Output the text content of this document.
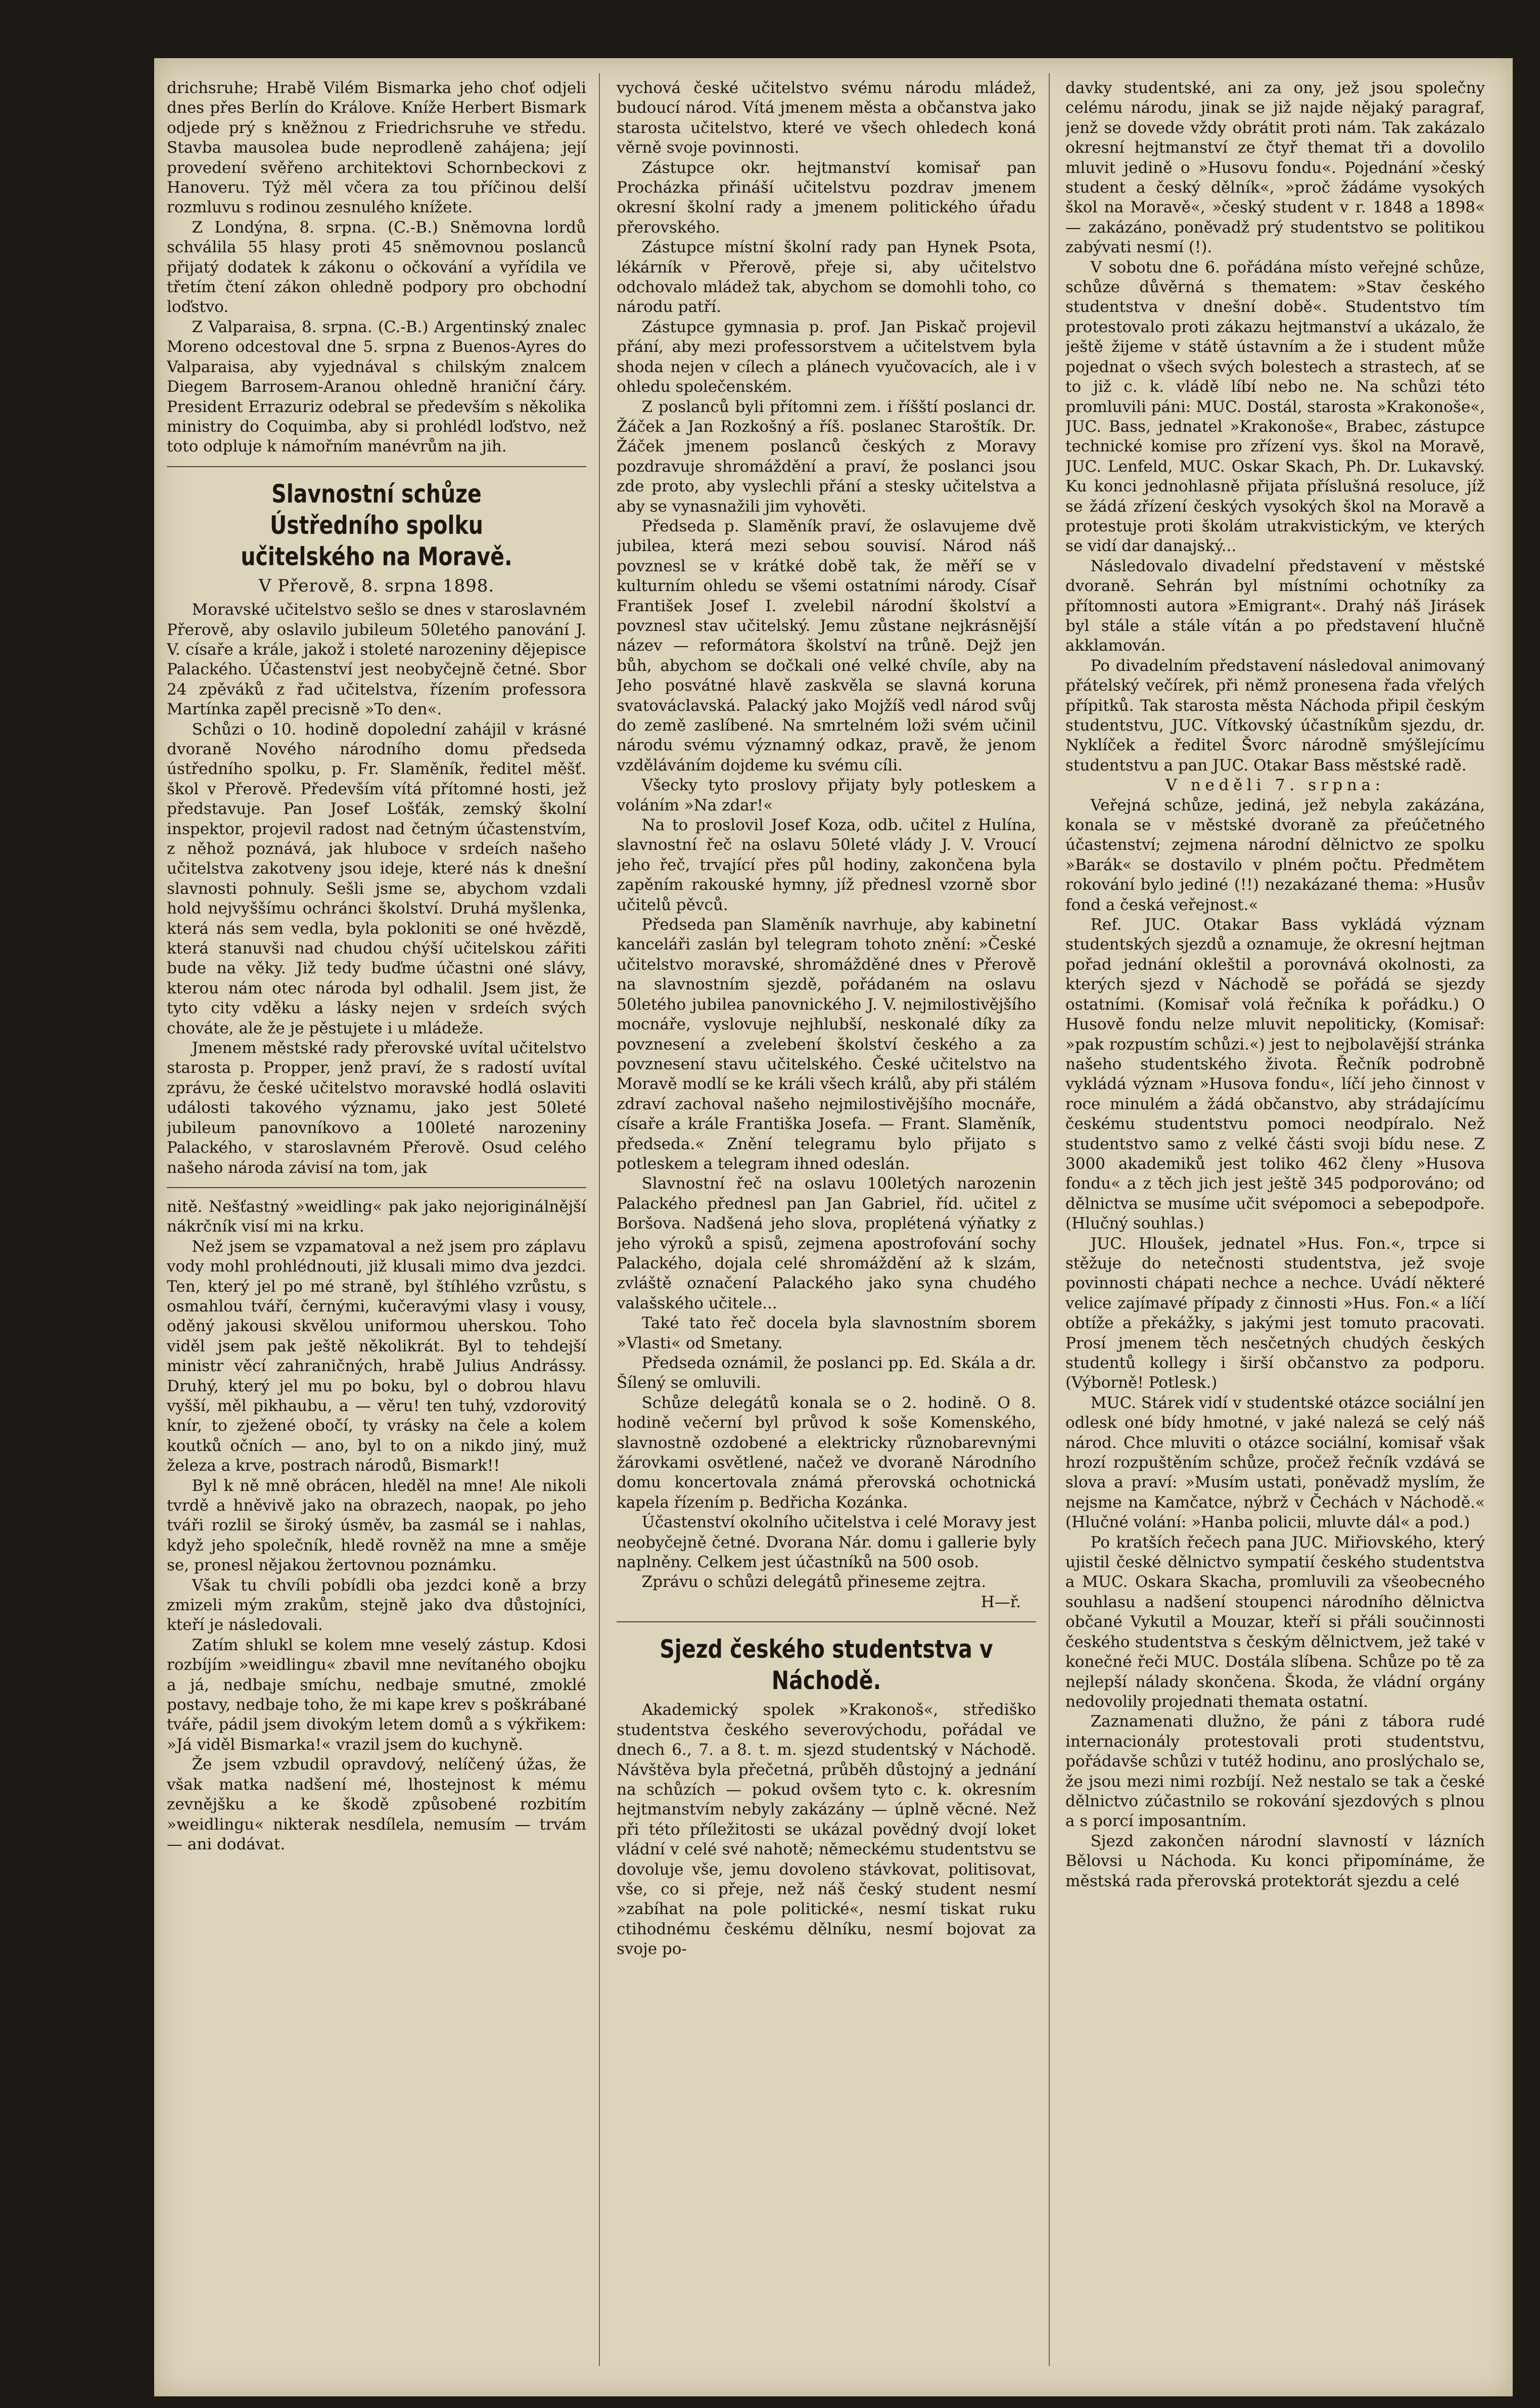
drichsruhe; Hrabě Vilém Bismarka jeho choť odjeli dnes přes Berlín do Králove. Kníže Herbert Bismark odjede prý s kněžnou z Friedrichsruhe ve středu. Stavba mausolea bude neprodleně zahájena; její provedení svěřeno architektovi Schornbeckovi z Hanoveru. Týž měl včera za tou příčinou delší rozmluvu s rodinou zesnulého knížete.

Z Londýna, 8. srpna. (C.-B.) Sněmovna lordů schválila 55 hlasy proti 45 sněmovnou poslanců přijatý dodatek k zákonu o očkování a vyřídila ve třetím čtení zákon ohledně podpory pro obchodní loďstvo.

Z Valparaisa, 8. srpna. (C.-B.) Argentinský znalec Moreno odcestoval dne 5. srpna z Buenos-Ayres do Valparaisa, aby vyjednával s chilským znalcem Diegem Barrosem-Aranou ohledně hraniční čáry. President Errazuriz odebral se především s několika ministry do Coquimba, aby si prohlédl loďstvo, než toto odpluje k námořním manévrům na jih.

Slavnostní schůze Ústředního spolku učitelského na Moravě.
V Přerově, 8. srpna 1898.

Moravské učitelstvo sešlo se dnes v staroslavném Přerově, aby oslavilo jubileum 50letého panování J. V. císaře a krále, jakož i stoleté narozeniny dějepisce Palackého. Účastenství jest neobyčejně četné. Sbor 24 zpěváků z řad učitelstva, řízením professora Martínka zapěl precisně »To den«.

Schůzi o 10. hodině dopolední zahájil v krásné dvoraně Nového národního domu předseda ústředního spolku, p. Fr. Slaměník, ředitel měšť. škol v Přerově. Především vítá přítomné hosti, jež představuje. Pan Josef Lošťák, zemský školní inspektor, projevil radost nad četným účastenstvím, z něhož poznává, jak hluboce v srdeích našeho učitelstva zakotveny jsou ideje, které nás k dnešní slavnosti pohnuly. Sešli jsme se, abychom vzdali hold nejvyššímu ochránci školství. Druhá myšlenka, která nás sem vedla, byla pokloniti se oné hvězdě, která stanuvši nad chudou chýší učitelskou zářiti bude na věky. Již tedy buďme účastni oné slávy, kterou nám otec národa byl odhalil. Jsem jist, že tyto city vděku a lásky nejen v srdeích svých chováte, ale že je pěstujete i u mládeže.

Jmenem městské rady přerovské uvítal učitelstvo starosta p. Propper, jenž praví, že s radostí uvítal zprávu, že české učitelstvo moravské hodlá oslaviti události takového významu, jako jest 50leté jubileum panovníkovo a 100leté narozeniny Palackého, v staroslavném Přerově. Osud celého našeho národa závisí na tom, jak

nitě. Nešťastný »weidling« pak jako nejoriginálnější nákrčník visí mi na krku.

Než jsem se vzpamatoval a než jsem pro záplavu vody mohl prohlédnouti, již klusali mimo dva jezdci. Ten, který jel po mé straně, byl štíhlého vzrůstu, s osmahlou tváří, černými, kučeravými vlasy i vousy, oděný jakousi skvělou uniformou uherskou. Toho viděl jsem pak ještě několikrát. Byl to tehdejší ministr věcí zahraničných, hrabě Julius Andrássy. Druhý, který jel mu po boku, byl o dobrou hlavu vyšší, měl pikhaubu, a — věru! ten tuhý, vzdorovitý knír, to zježené obočí, ty vrásky na čele a kolem koutků očních — ano, byl to on a nikdo jiný, muž železa a krve, postrach národů, Bismark!!

Byl k ně mně obrácen, hleděl na mne! Ale nikoli tvrdě a hněvivě jako na obrazech, naopak, po jeho tváři rozlil se široký úsměv, ba zasmál se i nahlas, když jeho společník, hledě rovněž na mne a směje se, pronesl nějakou žertovnou poznámku.

Však tu chvíli pobídli oba jezdci koně a brzy zmizeli mým zrakům, stejně jako dva důstojníci, kteří je následovali.

Zatím shlukl se kolem mne veselý zástup. Kdosi rozbíjím »weidlingu« zbavil mne nevítaného obojku a já, nedbaje smíchu, nedbaje smutné, zmoklé postavy, nedbaje toho, že mi kape krev s poškrábané tváře, pádil jsem divokým letem domů a s výkřikem: »Já viděl Bismarka!« vrazil jsem do kuchyně.

Že jsem vzbudil opravdový, nelíčený úžas, že však matka nadšení mé, lhostejnost k mému zevnějšku a ke škodě způsobené rozbitím »weidlingu« nikterak nesdílela, nemusím — trvám — ani dodávat.

vychová české učitelstvo svému národu mládež, budoucí národ. Vítá jmenem města a občanstva jako starosta učitelstvo, které ve všech ohledech koná věrně svoje povinnosti.

Zástupce okr. hejtmanství komisař pan Procházka přináší učitelstvu pozdrav jmenem okresní školní rady a jmenem politického úřadu přerovského.

Zástupce místní školní rady pan Hynek Psota, lékárník v Přerově, přeje si, aby učitelstvo odchovalo mládež tak, abychom se domohli toho, co národu patří.

Zástupce gymnasia p. prof. Jan Piskač projevil přání, aby mezi professorstvem a učitelstvem byla shoda nejen v cílech a plánech vyučovacích, ale i v ohledu společenském.

Z poslanců byli přítomni zem. i říšští poslanci dr. Žáček a Jan Rozkošný a říš. poslanec Staroštík. Dr. Žáček jmenem poslanců českých z Moravy pozdravuje shromáždění a praví, že poslanci jsou zde proto, aby vyslechli přání a stesky učitelstva a aby se vynasnažili jim vyhověti.

Předseda p. Slaměník praví, že oslavujeme dvě jubilea, která mezi sebou souvisí. Národ náš povznesl se v krátké době tak, že měří se v kulturním ohledu se všemi ostatními národy. Císař František Josef I. zvelebil národní školství a povznesl stav učitelský. Jemu zůstane nejkrásnější název — reformátora školství na trůně. Dejž jen bůh, abychom se dočkali oné velké chvíle, aby na Jeho posvátné hlavě zaskvěla se slavná koruna svatováclavská. Palacký jako Mojžíš vedl národ svůj do země zaslíbené. Na smrtelném loži svém učinil národu svému významný odkaz, pravě, že jenom vzděláváním dojdeme ku svému cíli.

Všecky tyto proslovy přijaty byly potleskem a voláním »Na zdar!«

Na to proslovil Josef Koza, odb. učitel z Hulína, slavnostní řeč na oslavu 50leté vlády J. V. Vroucí jeho řeč, trvající přes půl hodiny, zakončena byla zapěním rakouské hymny, jíž přednesl vzorně sbor učitelů pěvců.

Předseda pan Slaměník navrhuje, aby kabinetní kanceláři zaslán byl telegram tohoto znění: »České učitelstvo moravské, shromážděné dnes v Přerově na slavnostním sjezdě, pořádaném na oslavu 50letého jubilea panovnického J. V. nejmilostivějšího mocnáře, vyslovuje nejhlubší, neskonalé díky za povznesení a zvelebení školství českého a za povznesení stavu učitelského. České učitelstvo na Moravě modlí se ke králi všech králů, aby při stálém zdraví zachoval našeho nejmilostivějšího mocnáře, císaře a krále Františka Josefa. — Frant. Slaměník, předseda.« Znění telegramu bylo přijato s potleskem a telegram ihned odeslán.

Slavnostní řeč na oslavu 100letých narozenin Palackého přednesl pan Jan Gabriel, říd. učitel z Boršova. Nadšená jeho slova, proplétená výňatky z jeho výroků a spisů, zejmena apostrofování sochy Palackého, dojala celé shromáždění až k slzám, zvláště označení Palackého jako syna chudého valašského učitele...

Také tato řeč docela byla slavnostním sborem »Vlasti« od Smetany.

Předseda oznámil, že poslanci pp. Ed. Skála a dr. Šílený se omluvili.

Schůze delegátů konala se o 2. hodině. O 8. hodině večerní byl průvod k soše Komenského, slavnostně ozdobené a elektricky různobarevnými žárovkami osvětlené, načež ve dvoraně Národního domu koncertovala známá přerovská ochotnická kapela řízením p. Bedřicha Kozánka.

Účastenství okolního učitelstva i celé Moravy jest neobyčejně četné. Dvorana Nár. domu i gallerie byly naplněny. Celkem jest účastníků na 500 osob.

Zprávu o schůzi delegátů přineseme zejtra.

H—ř.
Sjezd českého studentstva v Náchodě.

Akademický spolek »Krakonoš«, střediško studentstva českého severovýchodu, pořádal ve dnech 6., 7. a 8. t. m. sjezd studentský v Náchodě. Návštěva byla přečetná, průběh důstojný a jednání na schůzích — pokud ovšem tyto c. k. okresním hejtmanstvím nebyly zakázány — úplně věcné. Než při této příležitosti se ukázal povědný dvojí loket vládní v celé své nahotě; německému studentstvu se dovoluje vše, jemu dovoleno stávkovat, politisovat, vše, co si přeje, než náš český student nesmí »zabíhat na pole politické«, nesmí tiskat ruku ctihodnému českému dělníku, nesmí bojovat za svoje po-

davky studentské, ani za ony, jež jsou společny celému národu, jinak se již najde nějaký paragraf, jenž se dovede vždy obrátit proti nám. Tak zakázalo okresní hejtmanství ze čtyř themat tři a dovolilo mluvit jedině o »Husovu fondu«. Pojednání »český student a český dělník«, »proč žádáme vysokých škol na Moravě«, »český student v r. 1848 a 1898« — zakázáno, poněvadž prý studentstvo se politikou zabývati nesmí (!).

V sobotu dne 6. pořádána místo veřejné schůze, schůze důvěrná s thematem: »Stav českého studentstva v dnešní době«. Studentstvo tím protestovalo proti zákazu hejtmanství a ukázalo, že ještě žijeme v státě ústavním a že i student může pojednat o všech svých bolestech a strastech, ať se to již c. k. vládě líbí nebo ne. Na schůzi této promluvili páni: MUC. Dostál, starosta »Krakonoše«, JUC. Bass, jednatel »Krakonoše«, Brabec, zástupce technické komise pro zřízení vys. škol na Moravě, JUC. Lenfeld, MUC. Oskar Skach, Ph. Dr. Lukavský. Ku konci jednohlasně přijata příslušná resoluce, jíž se žádá zřízení českých vysokých škol na Moravě a protestuje proti školám utrakvistickým, ve kterých se vidí dar danajský...

Následovalo divadelní představení v městské dvoraně. Sehrán byl místními ochotníky za přítomnosti autora »Emigrant«. Drahý náš Jirásek byl stále a stále vítán a po představení hlučně akklamován.

Po divadelním představení následoval animovaný přátelský večírek, při němž pronesena řada vřelých přípitků. Tak starosta města Náchoda připil českým studentstvu, JUC. Vítkovský účastníkům sjezdu, dr. Nyklíček a ředitel Švorc národně smýšlejícímu studentstvu a pan JUC. Otakar Bass městské radě.

V neděli 7. srpna:

Veřejná schůze, jediná, jež nebyla zakázána, konala se v městské dvoraně za přeúčetného účastenství; zejmena národní dělnictvo ze spolku »Barák« se dostavilo v plném počtu. Předmětem rokování bylo jediné (!!) nezakázané thema: »Husův fond a česká veřejnost.«

Ref. JUC. Otakar Bass vykládá význam studentských sjezdů a oznamuje, že okresní hejtman pořad jednání okleštil a porovnává okolnosti, za kterých sjezd v Náchodě se pořádá se sjezdy ostatními. (Komisař volá řečníka k pořádku.) O Husově fondu nelze mluvit nepoliticky, (Komisař: »pak rozpustím schůzi.«) jest to nejbolavější stránka našeho studentského života. Řečník podrobně vykládá význam »Husova fondu«, líčí jeho činnost v roce minulém a žádá občanstvo, aby strádajícímu českému studentstvu pomoci neodpíralo. Než studentstvo samo z velké části svoji bídu nese. Z 3000 akademiků jest toliko 462 členy »Husova fondu« a z těch jich jest ještě 345 podporováno; od dělnictva se musíme učit svépomoci a sebepodpoře. (Hlučný souhlas.)

JUC. Hloušek, jednatel »Hus. Fon.«, trpce si stěžuje do netečnosti studentstva, jež svoje povinnosti chápati nechce a nechce. Uvádí některé velice zajímavé případy z činnosti »Hus. Fon.« a líčí obtíže a překážky, s jakými jest tomuto pracovati. Prosí jmenem těch nesčetných chudých českých studentů kollegy i širší občanstvo za podporu. (Výborně! Potlesk.)

MUC. Stárek vidí v studentské otázce sociální jen odlesk oné bídy hmotné, v jaké nalezá se celý náš národ. Chce mluviti o otázce sociální, komisař však hrozí rozpuštěním schůze, pročež řečník vzdává se slova a praví: »Musím ustati, poněvadž myslím, že nejsme na Kamčatce, nýbrž v Čechách v Náchodě.« (Hlučné volání: »Hanba policii, mluvte dál« a pod.)

Po kratších řečech pana JUC. Miřiovského, který ujistil české dělnictvo sympatií českého studentstva a MUC. Oskara Skacha, promluvili za všeobecného souhlasu a nadšení stoupenci národního dělnictva občané Vykutil a Mouzar, kteří si přáli součinnosti českého studentstva s českým dělnictvem, jež také v konečné řeči MUC. Dostála slíbena. Schůze po tě za nejlepší nálady skončena. Škoda, že vládní orgány nedovolily projednati themata ostatní.

Zaznamenati dlužno, že páni z tábora rudé internacionály protestovali proti studentstvu, pořádavše schůzi v tutéž hodinu, ano proslýchalo se, že jsou mezi nimi rozbíjí. Než nestalo se tak a české dělnictvo zúčastnilo se rokování sjezdových s plnou a s porcí imposantním.

Sjezd zakončen národní slavností v lázních Bělovsi u Náchoda. Ku konci připomínáme, že městská rada přerovská protektorát sjezdu a celé
